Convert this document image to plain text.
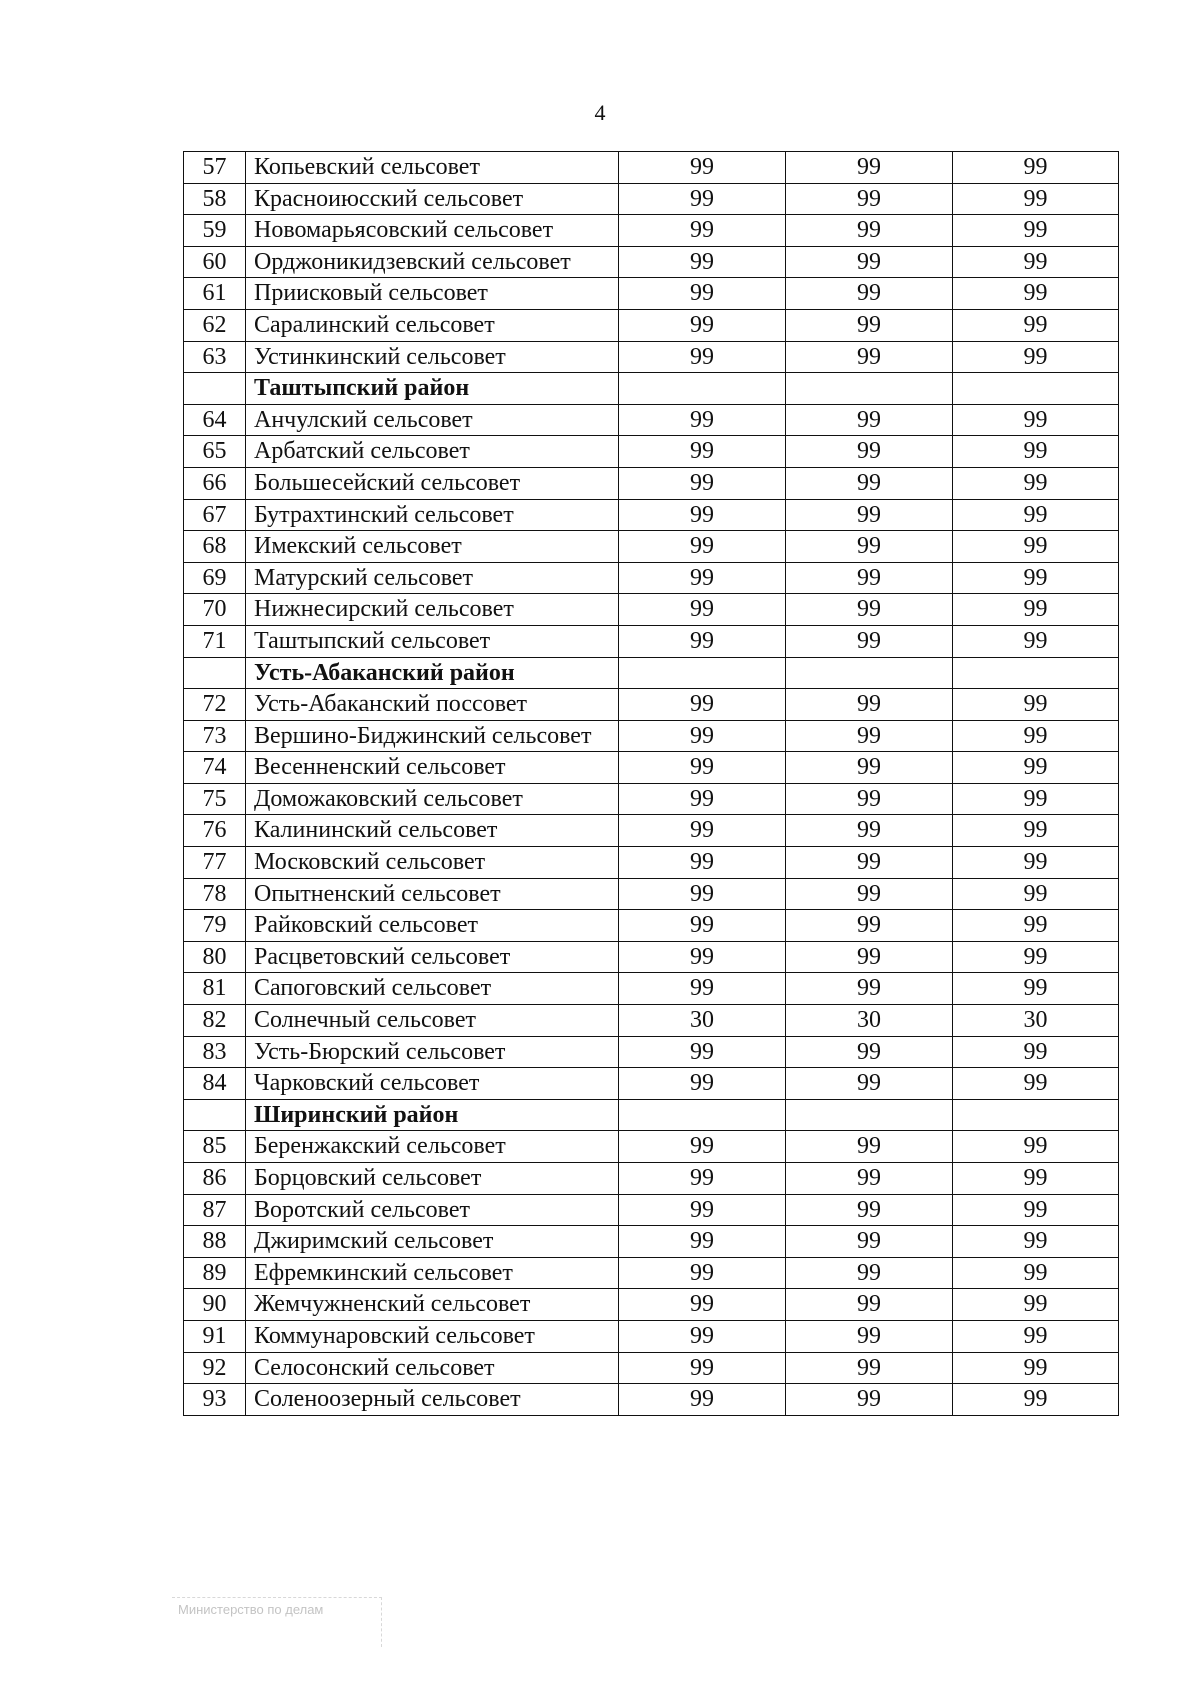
4
57	Копьевский сельсовет	99	99	99
58	Красноиюсский сельсовет	99	99	99
59	Новомарьясовский сельсовет	99	99	99
60	Орджоникидзевский сельсовет	99	99	99
61	Приисковый сельсовет	99	99	99
62	Саралинский сельсовет	99	99	99
63	Устинкинский сельсовет	99	99	99
	Таштыпский район			
64	Анчулский сельсовет	99	99	99
65	Арбатский сельсовет	99	99	99
66	Большесейский сельсовет	99	99	99
67	Бутрахтинский сельсовет	99	99	99
68	Имекский сельсовет	99	99	99
69	Матурский сельсовет	99	99	99
70	Нижнесирский сельсовет	99	99	99
71	Таштыпский сельсовет	99	99	99
	Усть-Абаканский район			
72	Усть-Абаканский поссовет	99	99	99
73	Вершино-Биджинский сельсовет	99	99	99
74	Весенненский сельсовет	99	99	99
75	Доможаковский сельсовет	99	99	99
76	Калининский сельсовет	99	99	99
77	Московский сельсовет	99	99	99
78	Опытненский сельсовет	99	99	99
79	Райковский сельсовет	99	99	99
80	Расцветовский сельсовет	99	99	99
81	Сапоговский сельсовет	99	99	99
82	Солнечный сельсовет	30	30	30
83	Усть-Бюрский сельсовет	99	99	99
84	Чарковский сельсовет	99	99	99
	Ширинский район			
85	Беренжакский сельсовет	99	99	99
86	Борцовский сельсовет	99	99	99
87	Воротский сельсовет	99	99	99
88	Джиримский сельсовет	99	99	99
89	Ефремкинский сельсовет	99	99	99
90	Жемчужненский сельсовет	99	99	99
91	Коммунаровский сельсовет	99	99	99
92	Селосонский сельсовет	99	99	99
93	Соленоозерный сельсовет	99	99	99
Министерство по делам
